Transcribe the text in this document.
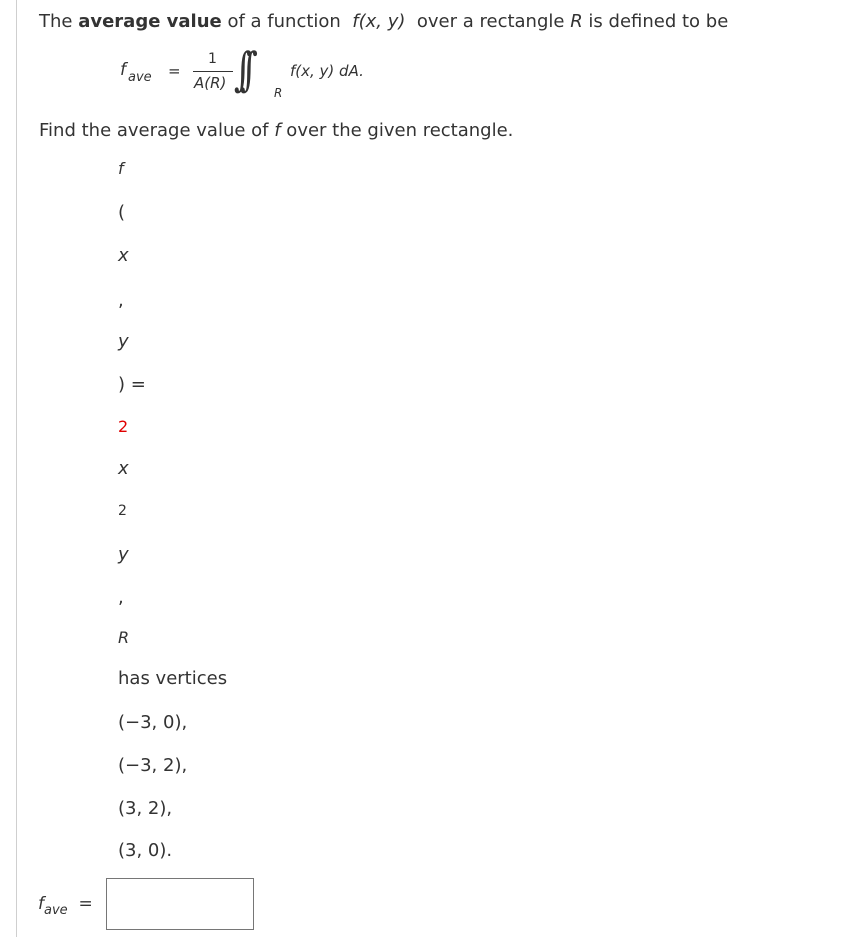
The average value of a function  f(x, y)  over a rectangle R is defined to be
f ave =
1
A(R) ∫∫ R
f(x, y) dA.
Find the average value of f over the given rectangle.
f
(
x
,
y
) =
2
x
2
y
,
R
has vertices
(−3, 0),
(−3, 2),
(3, 2),
(3, 0).
$f_{ave}$ =
